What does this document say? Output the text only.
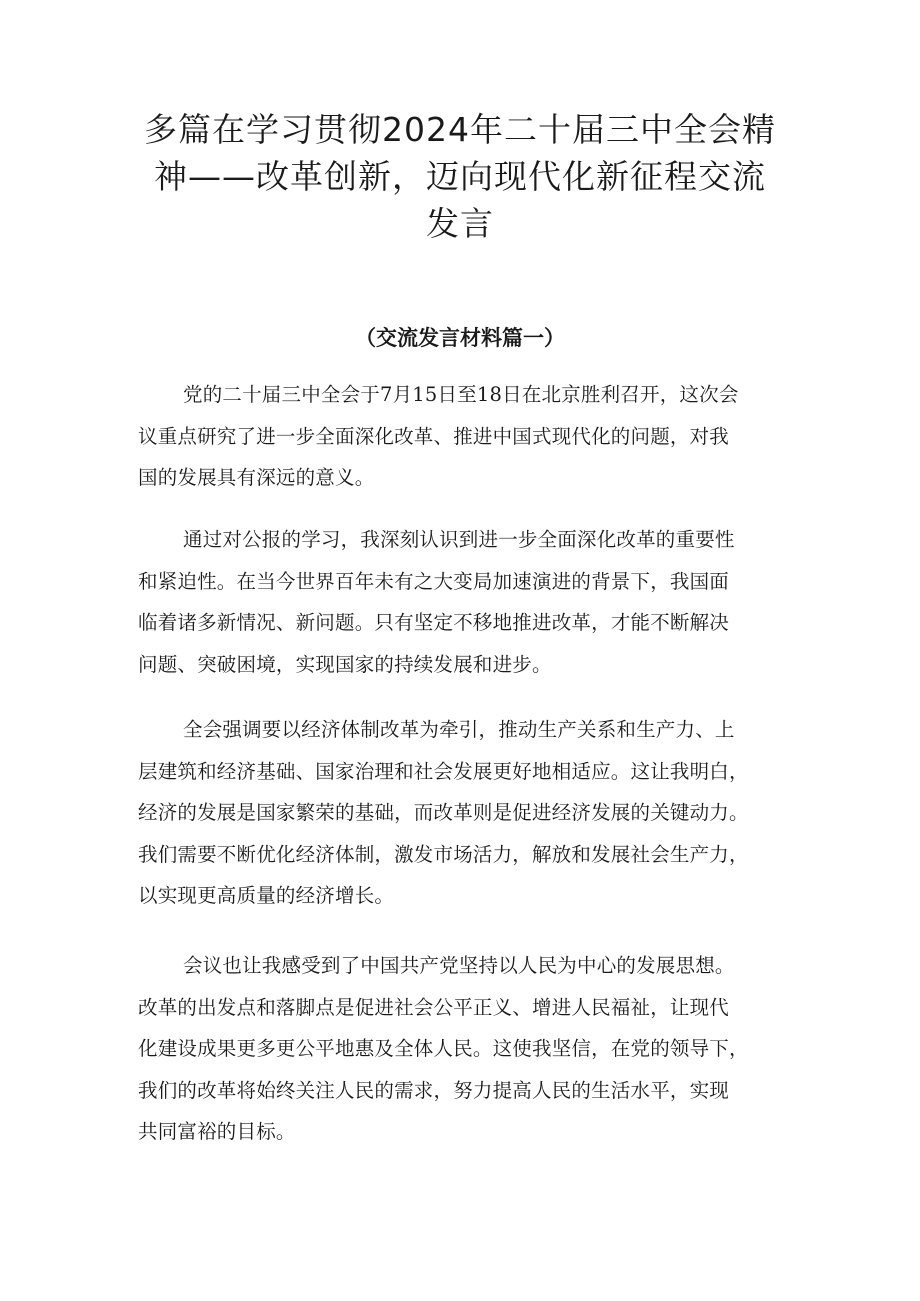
多篇在学习贯彻2024年二十届三中全会精
神——改革创新，迈向现代化新征程交流
发言
（交流发言材料篇一）

党的二十届三中全会于7月15日至18日在北京胜利召开，这次会
议重点研究了进一步全面深化改革、推进中国式现代化的问题，对我
国的发展具有深远的意义。

通过对公报的学习，我深刻认识到进一步全面深化改革的重要性
和紧迫性。在当今世界百年未有之大变局加速演进的背景下，我国面
临着诸多新情况、新问题。只有坚定不移地推进改革，才能不断解决
问题、突破困境，实现国家的持续发展和进步。

全会强调要以经济体制改革为牵引，推动生产关系和生产力、上
层建筑和经济基础、国家治理和社会发展更好地相适应。这让我明白，
经济的发展是国家繁荣的基础，而改革则是促进经济发展的关键动力。
我们需要不断优化经济体制，激发市场活力，解放和发展社会生产力，
以实现更高质量的经济增长。

会议也让我感受到了中国共产党坚持以人民为中心的发展思想。
改革的出发点和落脚点是促进社会公平正义、增进人民福祉，让现代
化建设成果更多更公平地惠及全体人民。这使我坚信，在党的领导下，
我们的改革将始终关注人民的需求，努力提高人民的生活水平，实现
共同富裕的目标。
